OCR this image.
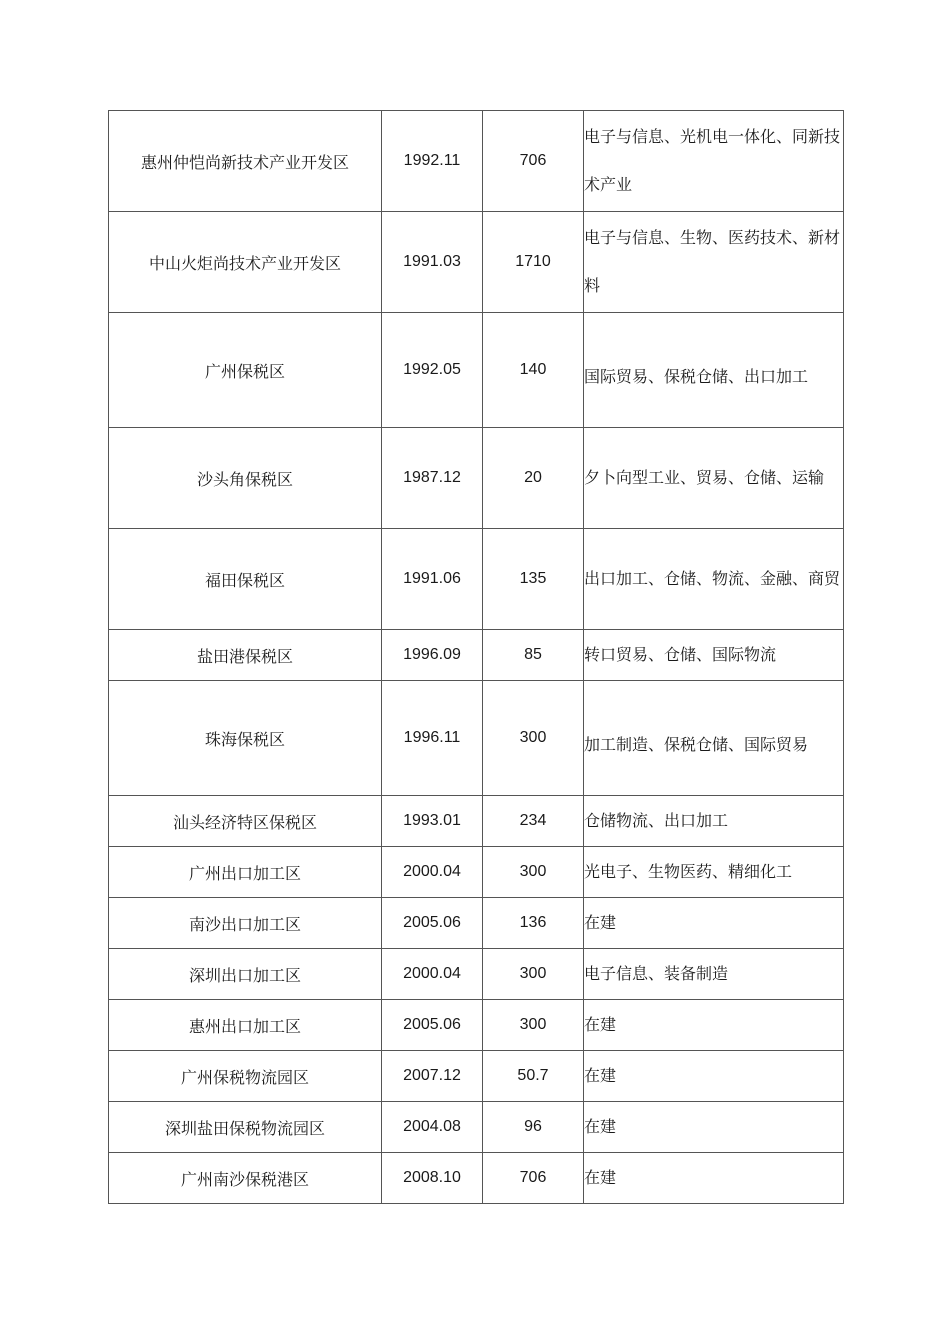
惠州仲恺尚新技术产业开发区	1992.11	706	电子与信息、光机电一体化、同新技术产业
中山火炬尚技术产业开发区	1991.03	1710	电子与信息、生物、医药技术、新材料
广州保税区	1992.05	140	国际贸易、保税仓储、出口加工
沙头角保税区	1987.12	20	夕卜向型工业、贸易、仓储、运输
福田保税区	1991.06	135	出口加工、仓储、物流、金融、商贸
盐田港保税区	1996.09	85	转口贸易、仓储、国际物流
珠海保税区	1996.11	300	加工制造、保税仓储、国际贸易
汕头经济特区保税区	1993.01	234	仓储物流、出口加工
广州出口加工区	2000.04	300	光电子、生物医药、精细化工
南沙出口加工区	2005.06	136	在建
深圳出口加工区	2000.04	300	电子信息、装备制造
惠州出口加工区	2005.06	300	在建
广州保税物流园区	2007.12	50.7	在建
深圳盐田保税物流园区	2004.08	96	在建
广州南沙保税港区	2008.10	706	在建
